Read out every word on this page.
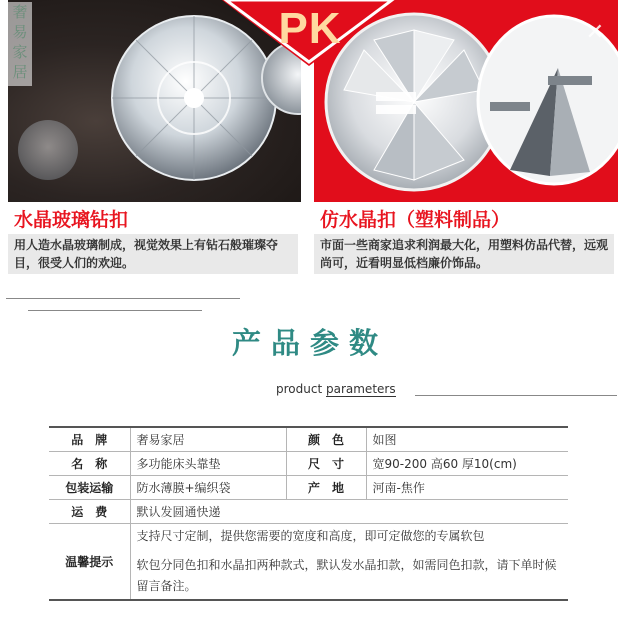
奢
易
家
居
✕
PK
水晶玻璃钻扣	仿水晶扣（塑料制品）
用人造水晶玻璃制成，视觉效果上有钻石般璀璨夺目，很受人们的欢迎。
市面一些商家追求利润最大化，用塑料仿品代替，远观尚可，近看明显低档廉价饰品。
产品参数
product parameters
品　牌	奢易家居	颜　色	如图
名　称	多功能床头靠垫	尺　寸	宽90-200 高60 厚10(cm)
包装运输	防水薄膜+编织袋	产　地	河南-焦作
运　费	默认发圆通快递		
温馨提示	支持尺寸定制，提供您需要的宽度和高度，即可定做您的专属软包

软包分同色扣和水晶扣两种款式，默认发水晶扣款，如需同色扣款，请下单时候留言备注。		
